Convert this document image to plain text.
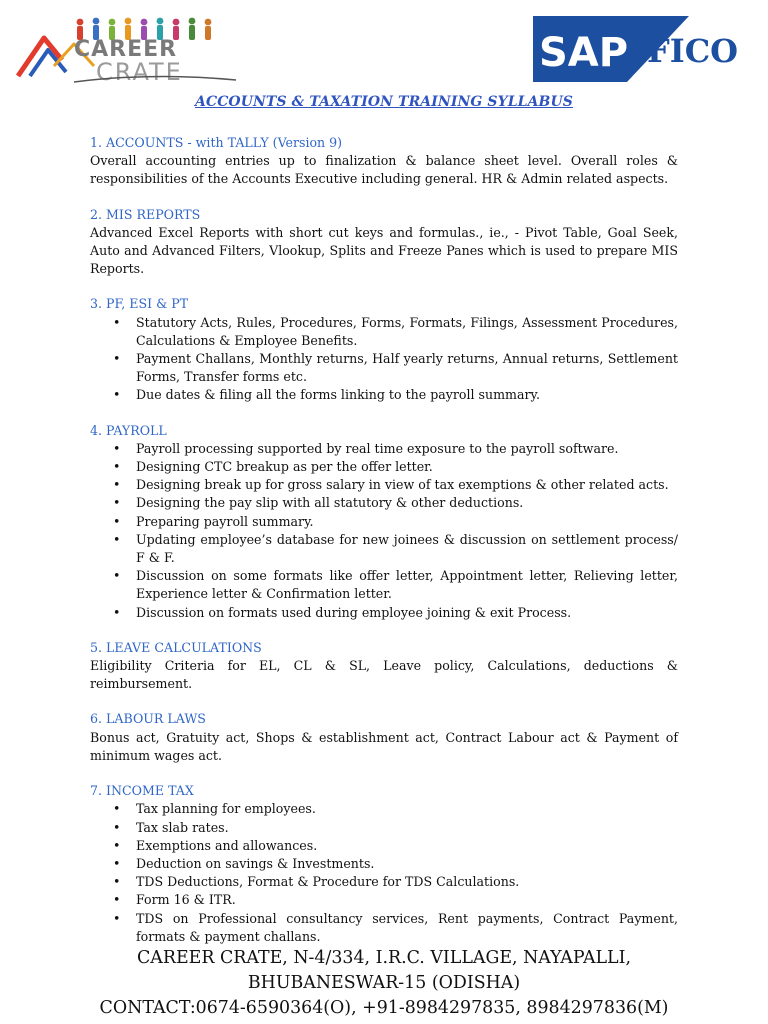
CAREER
CRATE	SAP FICO
ACCOUNTS & TAXATION TRAINING SYLLABUS
1. ACCOUNTS - with TALLY (Version 9)

Overall accounting entries up to finalization & balance sheet level. Overall roles & responsibilities of the Accounts Executive including general. HR & Admin related aspects.

2. MIS REPORTS

Advanced Excel Reports with short cut keys and formulas., ie., - Pivot Table, Goal Seek, Auto and Advanced Filters, Vlookup, Splits and Freeze Panes which is used to prepare MIS Reports.

3. PF, ESI & PT
• Statutory Acts, Rules, Procedures, Forms, Formats, Filings, Assessment Procedures, Calculations & Employee Benefits.
• Payment Challans, Monthly returns, Half yearly returns, Annual returns, Settlement Forms, Transfer forms etc.
• Due dates & filing all the forms linking to the payroll summary.
4. PAYROLL
• Payroll processing supported by real time exposure to the payroll software.
• Designing CTC breakup as per the offer letter.
• Designing break up for gross salary in view of tax exemptions & other related acts.
• Designing the pay slip with all statutory & other deductions.
• Preparing payroll summary.
• Updating employee’s database for new joinees & discussion on settlement process/ F & F.
• Discussion on some formats like offer letter, Appointment letter, Relieving letter, Experience letter & Confirmation letter.
• Discussion on formats used during employee joining & exit Process.
5. LEAVE CALCULATIONS

Eligibility Criteria for EL, CL & SL, Leave policy, Calculations, deductions & reimbursement.

6. LABOUR LAWS

Bonus act, Gratuity act, Shops & establishment act, Contract Labour act & Payment of minimum wages act.

7. INCOME TAX
• Tax planning for employees.
• Tax slab rates.
• Exemptions and allowances.
• Deduction on savings & Investments.
• TDS Deductions, Format & Procedure for TDS Calculations.
• Form 16 & ITR.
• TDS on Professional consultancy services, Rent payments, Contract Payment, formats & payment challans.
CAREER CRATE, N-4/334, I.R.C. VILLAGE, NAYAPALLI,
BHUBANESWAR-15 (ODISHA)
CONTACT:0674-6590364(O), +91-8984297835, 8984297836(M)
